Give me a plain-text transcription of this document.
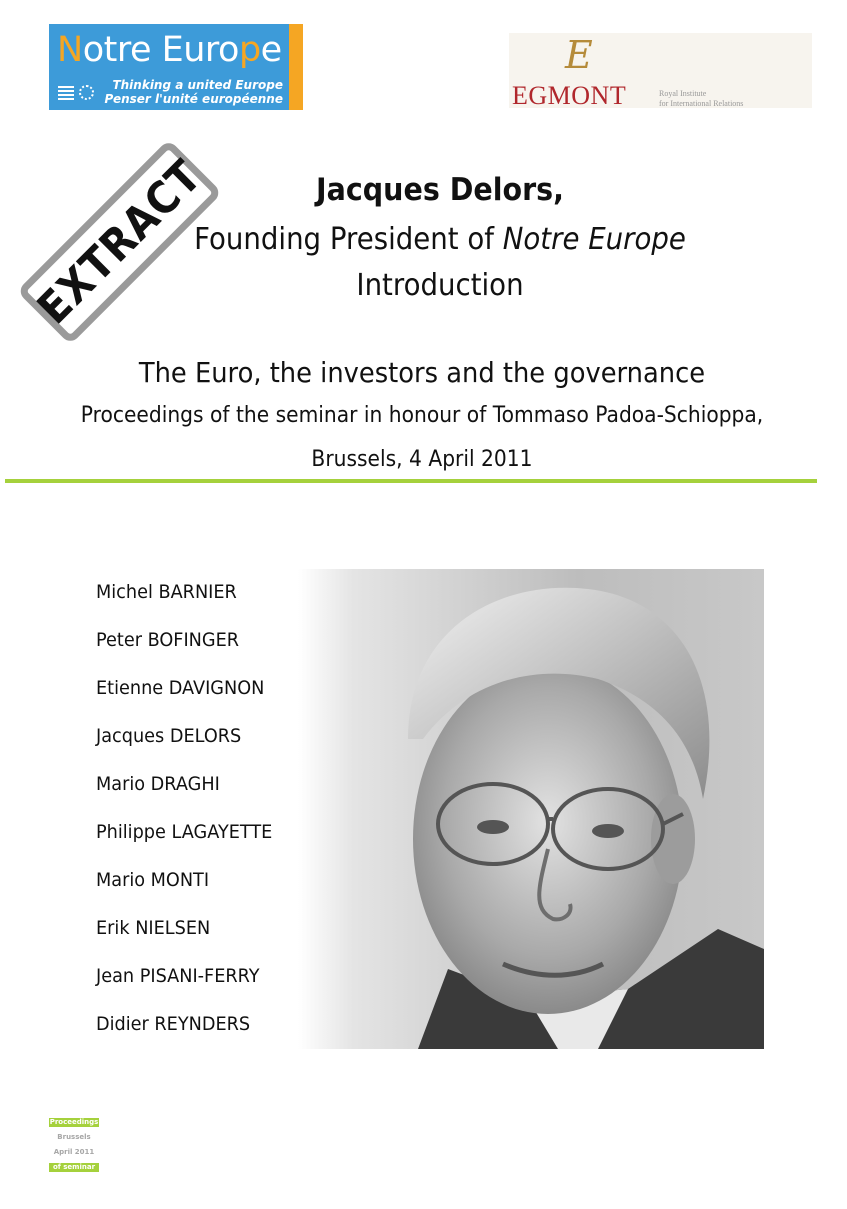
Notre Europe
Thinking a united Europe
Penser l'unité européenne
E
EGMONT	Royal Institute
for International Relations
EXTRACT	Jacques Delors,
Founding President of Notre Europe
Introduction
The Euro, the investors and the governance
Proceedings of the seminar in honour of Tommaso Padoa-Schioppa,
Brussels, 4 April 2011
Michel BARNIER
Peter BOFINGER
Etienne DAVIGNON
Jacques DELORS
Mario DRAGHI
Philippe LAGAYETTE
Mario MONTI
Erik NIELSEN
Jean PISANI-FERRY
Didier REYNDERS
Proceedings
Brussels
April 2011
of seminar
